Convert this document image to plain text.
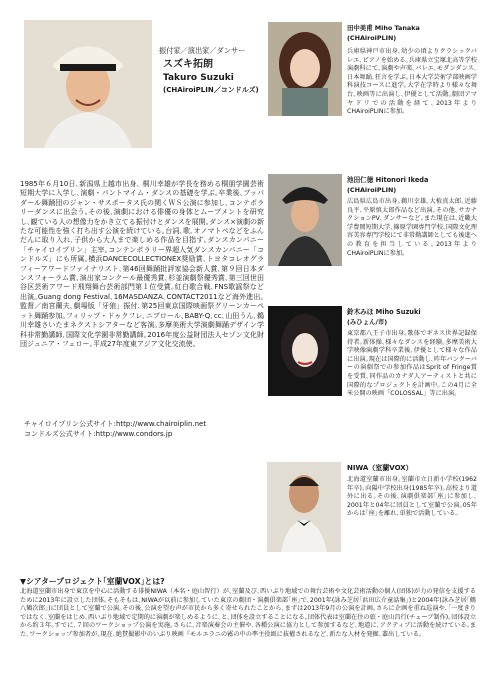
振付家／演出家／ダンサー
スズキ拓朗
Takuro Suzuki
(CHAiroiPLIN／コンドルズ)
1985年６月10日､新潟県上越市出身､ 桐川幸雄が学長を務める桐朋学園芸術短期大学に入学し､演劇・パントマイム・ダンスの基礎を学ぶ｡卒業後､ブッパダール舞踊団のジャン・サスポータス氏の関くＷＳ公演に参加し､コンテポラリーダンスに出会う｡その後､演劇における俳優の身体とムーブメントを研究し､観ている人の想像力をかき立てる振付けとダンスを展開｡ダンス×演劇の新たな可能性を強く打ち出す公演を続けている｡台詞､歌､オノマトペなどをふんだんに取り入れ､子供から大人まで楽しめる作品を目指す｡ダンスカンパニー「チャイロイプリン」主宰｡コンテンポラリー界超人気ダンスカンパニー「コンドルズ」にも所属｡横浜DANCECOLLECTIONEX奨励賞､トヨタコレオグラフィーアワードファイナリスト､第46回舞踊批評家協会新人賞､第９回日本ダンスフォーラム賞､演出家コンクール最優秀賞､杉並演劇祭優秀賞､第三回世田谷区芸術アワード飛翔舞台芸術部門第１位受賞｡紅白歌合戦､FNS歌謡祭など出演｡Guang dong Festival､16MASDANZA､CONTACT2011など海外進出｡監督／南宮蘭夫､劇場版「牙狼」振付､第25回東京国際映画祭グリーンカーペット舞踊参加｡フィリップ・ドゥクフレ､ニブロール､BABY-Q､cc､山田うん､鵜川幸雄さいたまネクストシアターなど客演｡多摩美術大学演劇舞踊デザイン学科非常勤講師､国際文化学園非常勤講師｡2016年度公益財団法人セゾン文化財団ジュニア・フェロー｡平成27年度東アジア文化交流使｡
チャイロイプリン公式サイト:http://www.chairoiplin.net
コンドルズ公式サイト:http://www.condors.jp
田中美甫 Miho Tanaka
(CHAiroiPLIN)
兵庫県神戸市出身､幼少の頃よりクラシックバレエ､ピアノを始める｡兵庫県立宝塚北高等学校演劇科にて､演劇や声楽､バレエ､モダンダンス､日本舞踊､狂言を学ぶ｡日本大学芸術学部映画学科演技コースに進学｡大学在学時より様々な舞台､映画等に出演し､伊優として活動｡劇団アマヤドリでの活動を経て､2013年よりCHAiroiPLINに参加｡
池田仁徳 Hitonori Ikeda
(CHAiroiPLIN)
広島県広島市出身｡鵜川幸雄､大植真太郎､近藤良平､平原慎太郎作品など出演｡その他､サカナクションPV､ダンサーなど｡また現在は､近畿大学豊岡短期大学､篠原学園専門学校､国際文化理容美容専門学校にて非常勤講師としても後進への教育を担当している｡2013年よりCHAiroiPLINに参加｡
鈴木みほ Miho Suzuki
(みひょん/市)
東京都八王子市出身｡歌体でギネス世界記録保持者｡新体操､様々なダンスを経験｡多摩美術大学映像演劇学科卒業後､伊優として様々な作品に出演｡現在は国際的に活動し､昨年バンクーバーの演劇祭での参加作品はSprit of Fringe賞を受賞､同作品のカナダ人アーティストと共に国際的なプロジェクトを計画中｡この4月に全米公開の映画「COLOSSAL」等に出演｡
NIWA（室蘭VOX）
北海道室蘭市出身｡室蘭市立日新小学校(1962年卒)｡向陽中学校出身(1985年卒)｡高校より道外に出る｡その後､演劇俱楽部｢座｣に参加し､2001年と04年に団員として室蘭で公演｡05年からは｢座｣を離れ､単独で活動している｡
▼シアタープロジェクト｢室蘭VOX｣とは?
北海道室蘭市出身で東京を中心に活動する俳優NIWA（本名・庭山智行）が､室蘭及び､西いぶり地域での舞台芸術や文化芸術活動の個人(団体)が力の発信を支援するために2013年に設立した団体｡そもそもは､NIWAが以前に参加していた東京の劇団・演劇俱楽部｢座｣で､2001年(詠み芝居｢浜田広介童話集｣)と2004年(詠み芝居｢鶴八鶴次郎｣)に団員として室蘭で公演｡その後､公演を望む声が市民から多く寄せられたことから､まずは2013年9月の公演を計画｡さらに企画を重ね巡演や､｢一度きりではなく､室蘭をはじめ､西いぶり地域で定期的に演劇が楽しめるように､と､団体を設立することになる｡団体代表は室蘭在住の旅・庭山昌行(チューブ制作)｡団体設立から約３年｡すでに､７回のワークショップ公演を実施｡さらに､音楽演奏会の主催や､各種公演に協力として参加するなど､地道に､アクティブに活動を続けている｡また､ワークショップ参加者が､現在､絶賛撮影中のいぶり映画『モルエラニの霧の中の準主役級に抜擢されるなど､新たな人材を発掘､輩出している｡
